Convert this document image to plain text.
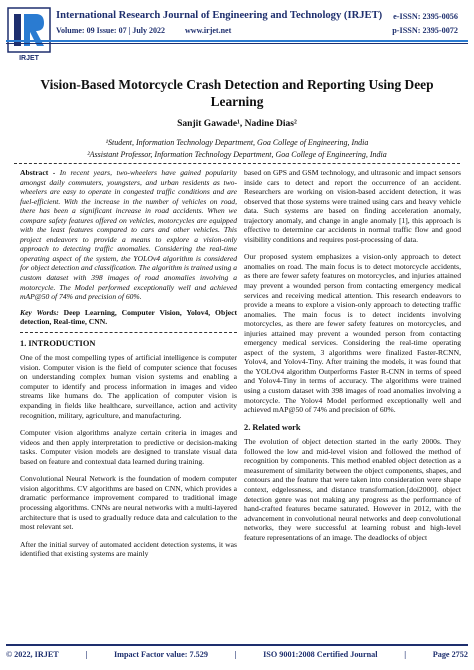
IRJET
International Research Journal of Engineering and Technology (IRJET)
Volume: 09 Issue: 07 | July 2022	www.irjet.net
e-ISSN: 2395-0056
p-ISSN: 2395-0072
Vision-Based Motorcycle Crash Detection and Reporting Using Deep Learning
Sanjit Gawade¹, Nadine Dias²
¹Student, Information Technology Department, Goa College of Engineering, India
²Assistant Professor, Information Technology Department, Goa College of Engineering, India

Abstract - In recent years, two-wheelers have gained popularity amongst daily commuters, youngsters, and urban residents as two-wheelers are easy to operate in congested traffic conditions and are fuel-efficient. With the increase in the number of vehicles on road, there has been a significant increase in road accidents. When we compare safety features offered on vehicles, motorcycles are equipped with the least features compared to cars and other vehicles. This project endeavors to provide a means to explore a vision-only approach to detecting traffic anomalies. Considering the real-time operating aspect of the system, the YOLOv4 algorithm is considered for object detection and classification. The algorithm is trained using a custom dataset with 398 images of road anomalies involving a motorcycle. The Model performed exceptionally well and achieved mAP@50 of 74% and precision of 60%.

Key Words: Deep Learning, Computer Vision, Yolov4, Object detection, Real-time, CNN.

1. INTRODUCTION

One of the most compelling types of artificial intelligence is computer vision. Computer vision is the field of computer science that focuses on understanding complex human vision systems and enabling a computer to identify and process information in images and video streams like humans do. The application of computer vision is expanding in fields like healthcare, surveillance, action and activity recognition, military, agriculture, and manufacturing.

Computer vision algorithms analyze certain criteria in images and videos and then apply interpretation to predictive or decision-making tasks. Computer vision models are designed to translate visual data based on feature and contextual data learned during training.

Convolutional Neural Network is the foundation of modern computer vision algorithms. CV algorithms are based on CNN, which provides a dramatic performance improvement compared to traditional image processing algorithms. CNNs are neural networks with a multi-layered architecture that is used to gradually reduce data and calculation to the most relevant set.

After the initial survey of automated accident detection systems, it was identified that existing systems are mainly

based on GPS and GSM technology, and ultrasonic and impact sensors inside cars to detect and report the occurrence of an accident. Researchers are working on vision-based accident detection, it was observed that those systems were trained using cars and heavy vehicle data. Such systems are based on finding acceleration anomaly, trajectory anomaly, and change in angle anomaly [1], this approach is effective to determine car accidents in normal traffic flow and good visibility conditions and requires post-processing of data.

Our proposed system emphasizes a vision-only approach to detect anomalies on road. The main focus is to detect motorcycle accidents, as there are fewer safety features on motorcycles, and injuries attained may prevent a wounded person from contacting emergency medical services and receiving medical attention. This research endeavors to provide a means to explore a vision-only approach to detecting traffic anomalies. The main focus is to detect incidents involving motorcycles, as there are fewer safety features on motorcycles, and injuries attained may prevent a wounded person from contacting emergency medical services. Considering the real-time operating aspect of the system, 3 algorithms were finalized Faster-RCNN, Yolov4, and Yolov4-Tiny. After training the models, it was found that the YOLOv4 algorithm Outperforms Faster R-CNN in terms of speed and Yolov4-Tiny in terms of accuracy. The algorithms were trained using a custom dataset with 398 images of road anomalies involving a motorcycle. The Yolov4 Model performed exceptionally well and achieved mAP@50 of 74% and precision of 60%.

2. Related work

The evolution of object detection started in the early 2000s. They followed the low and mid-level vision and followed the method of recognition by components. This method enabled object detection as a measurement of similarity between the object components, shapes, and contours and the feature that were taken into consideration were shape context, edgelessness, and distance transformation.[doi2000]. object detection genre was not making any progress as the performance of hand-crafted features became saturated. However in 2012, with the advancement in convolutional neural networks and deep convolutional networks, they were successful at learning robust and high-level feature representations of an image. The deadlocks of object

© 2022, IRJET	|	Impact Factor value: 7.529	|	ISO 9001:2008 Certified Journal	|	Page 2752
